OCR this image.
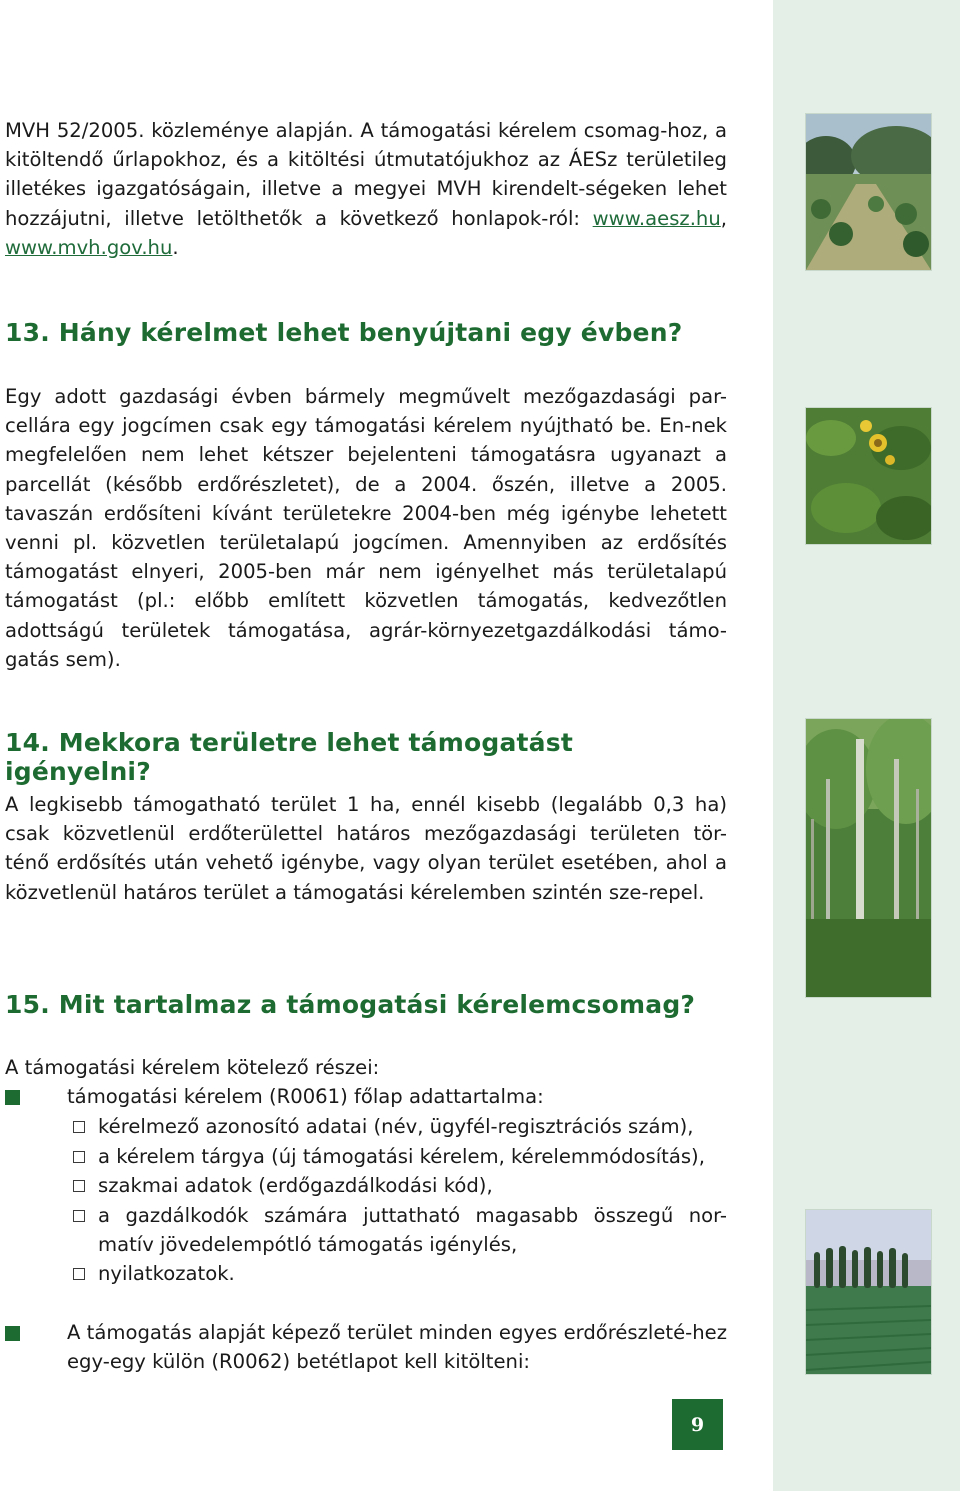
MVH 52/2005. közleménye alapján. A támogatási kérelem csomag-hoz, a kitöltendő űrlapokhoz, és a kitöltési útmutatójukhoz az ÁESz területileg illetékes igazgatóságain, illetve a megyei MVH kirendelt-ségeken lehet hozzájutni, illetve letölthetők a következő honlapok-ról: www.aesz.hu, www.mvh.gov.hu.

13. Hány kérelmet lehet benyújtani egy évben?

Egy adott gazdasági évben bármely megművelt mezőgazdasági par-cellára egy jogcímen csak egy támogatási kérelem nyújtható be. En-nek megfelelően nem lehet kétszer bejelenteni támogatásra ugyanazt a parcellát (később erdőrészletet), de a 2004. őszén, illetve a 2005. tavaszán erdősíteni kívánt területekre 2004-ben még igénybe lehetett venni pl. közvetlen területalapú jogcímen. Amennyiben az erdősítés támogatást elnyeri, 2005-ben már nem igényelhet más területalapú támogatást (pl.: előbb említett közvetlen támogatás, kedvezőtlen adottságú területek támogatása, agrár-környezetgazdálkodási támo-gatás sem).

14. Mekkora területre lehet támogatást igényelni?

A legkisebb támogatható terület 1 ha, ennél kisebb (legalább 0,3 ha) csak közvetlenül erdőterülettel határos mezőgazdasági területen tör-ténő erdősítés után vehető igénybe, vagy olyan terület esetében, ahol a közvetlenül határos terület a támogatási kérelemben szintén sze-repel.

15. Mit tartalmaz a támogatási kérelemcsomag?

A támogatási kérelem kötelező részei:

támogatási kérelem (R0061) főlap adattartalma:
kérelmező azonosító adatai (név, ügyfél-regisztrációs szám),
a kérelem tárgya (új támogatási kérelem, kérelemmódosítás),
szakmai adatok (erdőgazdálkodási kód),
a gazdálkodók számára juttatható magasabb összegű nor-matív jövedelempótló támogatás igénylés,
nyilatkozatok.
A támogatás alapját képező terület minden egyes erdőrészleté-hez egy-egy külön (R0062) betétlapot kell kitölteni:
9
